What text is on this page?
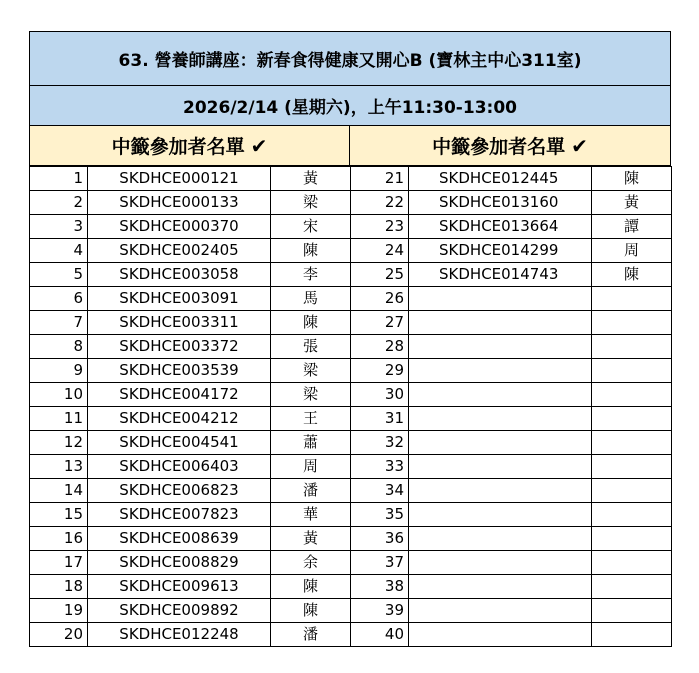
63. 營養師講座：新春食得健康又開心B (寶林主中心311室)
2026/2/14 (星期六)，上午11:30-13:00
中籤參加者名單 ✔	中籤參加者名單 ✔
1	SKDHCE000121	黃	21	SKDHCE012445	陳
2	SKDHCE000133	梁	22	SKDHCE013160	黃
3	SKDHCE000370	宋	23	SKDHCE013664	譚
4	SKDHCE002405	陳	24	SKDHCE014299	周
5	SKDHCE003058	李	25	SKDHCE014743	陳
6	SKDHCE003091	馬	26		
7	SKDHCE003311	陳	27		
8	SKDHCE003372	張	28		
9	SKDHCE003539	梁	29		
10	SKDHCE004172	梁	30		
11	SKDHCE004212	王	31		
12	SKDHCE004541	蕭	32		
13	SKDHCE006403	周	33		
14	SKDHCE006823	潘	34		
15	SKDHCE007823	華	35		
16	SKDHCE008639	黃	36		
17	SKDHCE008829	余	37		
18	SKDHCE009613	陳	38		
19	SKDHCE009892	陳	39		
20	SKDHCE012248	潘	40		
